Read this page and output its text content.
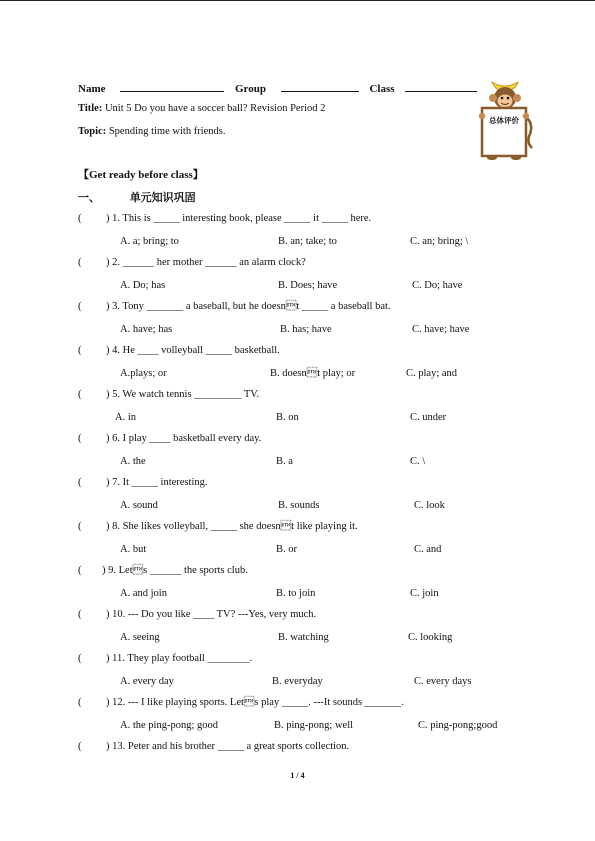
Name	Group	Class
Title: Unit 5 Do you have a soccer ball? Revision Period 2
Topic: Spending time with friends.
总体评价
【Get ready before class】
一、	单元知识巩固
( ) 1. This is _____ interesting book, please _____ it _____ here.
A. a; bring; to	B. an; take; to	C. an; bring; \
( ) 2. ______ her mother ______ an alarm clock?
A. Do; has	B. Does; have	C. Do; have
( ) 3. Tony _______ a baseball, but he doesnt _____ a baseball bat.
A. have; has	B. has; have	C. have; have
( ) 4. He ____ volleyball _____ basketball.
A.plays; or	B. doesnt play; or	C. play; and
( ) 5. We watch tennis _________ TV.
A. in	B. on	C. under
( ) 6. I play ____ basketball every day.
A. the	B. a	C. \
( ) 7. It _____ interesting.
A. sound	B. sounds	C. look
( ) 8. She likes volleyball, _____ she doesnt like playing it.
A. but	B. or	C. and
( ) 9. Lets ______ the sports club.
A. and join	B. to join	C. join
( ) 10. --- Do you like ____ TV? ---Yes, very much.
A. seeing	B. watching	C. looking
( ) 11. They play football ________.
A. every day	B. everyday	C. every days
( ) 12. --- I like playing sports. Lets play _____. ---It sounds _______.
A. the ping-pong; good	B. ping-pong; well	C. ping-pong;good
( ) 13. Peter and his brother _____ a great sports collection.
1 / 4
